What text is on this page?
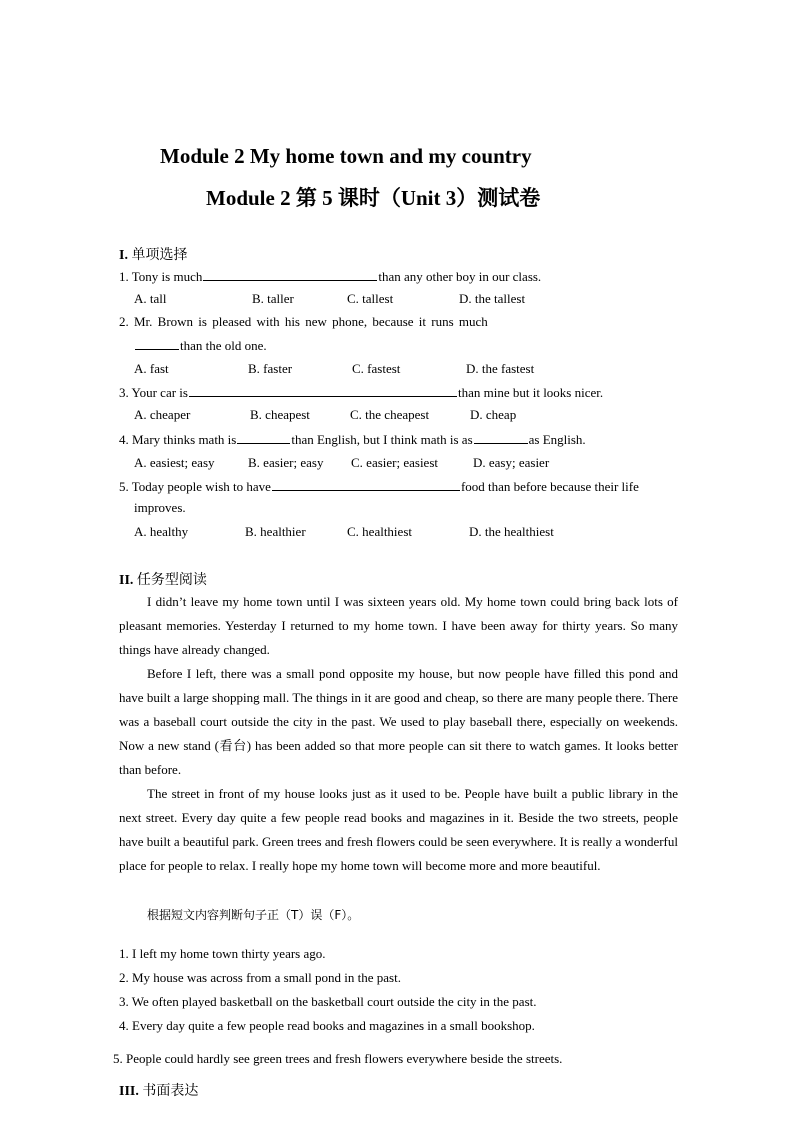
Module 2 My home town and my country
Module 2 第 5 课时（Unit 3）测试卷
I. 单项选择
1. Tony is much	than any other boy in our class.
A. tall	B. taller	C. tallest	D. the tallest
2. Mr. Brown is pleased with his new phone, because it runs much
than the old one.
A. fast	B. faster	C. fastest	D. the fastest
3. Your car is	than mine but it looks nicer.
A. cheaper	B. cheapest	C. the cheapest	D. cheap
4. Mary thinks math is	than English, but I think math is as	as English.
A. easiest; easy	B. easier; easy C. easier; easiest	D. easy; easier
5. Today people wish to have	food than before because their life
improves.
A. healthy	B. healthier	C. healthiest	D. the healthiest
II. 任务型阅读
I didn’t leave my home town until I was sixteen years old. My home town could bring back lots of pleasant memories. Yesterday I returned to my home town. I have been away for thirty years. So many things have already changed.
Before I left, there was a small pond opposite my house, but now people have filled this pond and have built a large shopping mall. The things in it are good and cheap, so there are many people there. There was a baseball court outside the city in the past. We used to play baseball there, especially on weekends. Now a new stand (看台) has been added so that more people can sit there to watch games. It looks better than before.
The street in front of my house looks just as it used to be. People have built a public library in the next street. Every day quite a few people read books and magazines in it. Beside the two streets, people have built a beautiful park. Green trees and fresh flowers could be seen everywhere. It is really a wonderful place for people to relax. I really hope my home town will become more and more beautiful.
根据短文内容判断句子正（T）误（F）。
1. I left my home town thirty years ago.
2. My house was across from a small pond in the past.
3. We often played basketball on the basketball court outside the city in the past.
4. Every day quite a few people read books and magazines in a small bookshop.
5. People could hardly see green trees and fresh flowers everywhere beside the streets.
III. 书面表达
